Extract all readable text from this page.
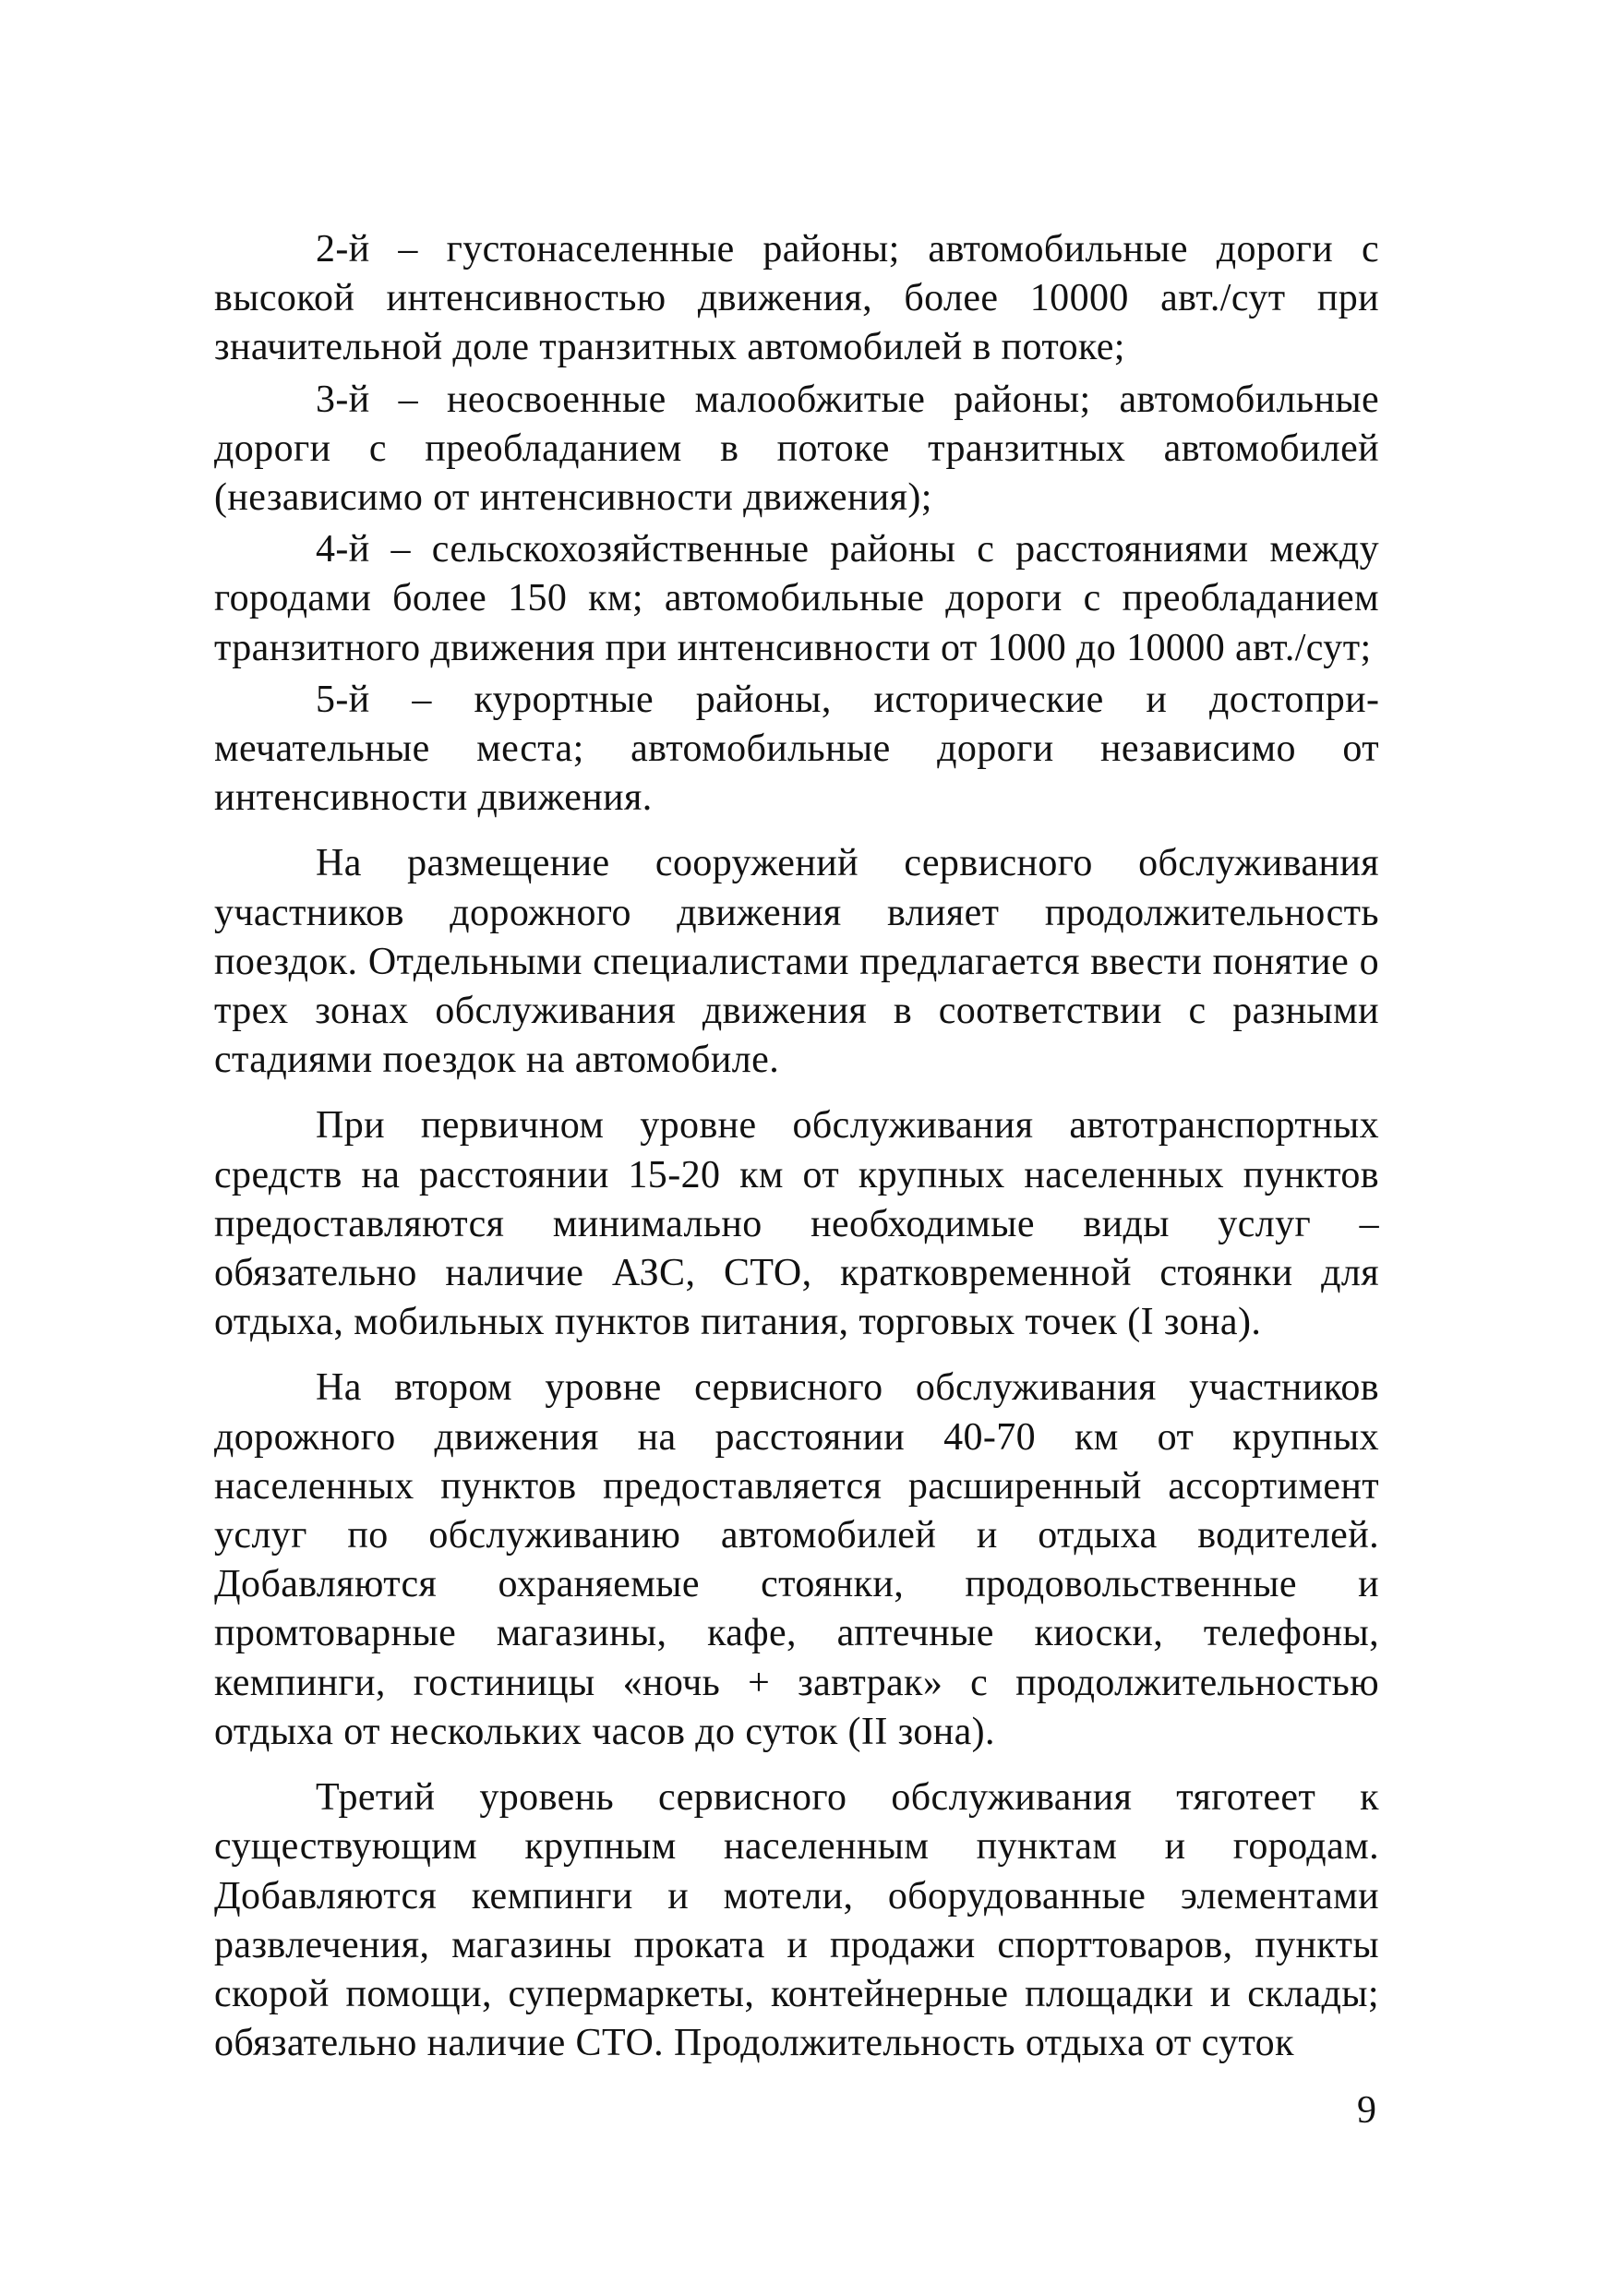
2-й – густонаселенные районы; автомобильные дороги с высокой интенсивностью движения, более 10000 авт./сут при значительной доле транзитных автомобилей в потоке;

3-й – неосвоенные малообжитые районы; автомобильные дороги с преобладанием в потоке транзитных автомобилей (независимо от интенсивности движения);

4-й – сельскохозяйственные районы с расстояниями между городами более 150 км; автомобильные дороги с преобладанием транзитного движения при интенсивности от 1000 до 10000 авт./сут;

5-й – курортные районы, исторические и достопримечательные места; автомобильные дороги независимо от интенсивности движения.

На размещение сооружений сервисного обслуживания участников дорожного движения влияет продолжительность поездок. Отдельными специалистами предлагается ввести понятие о трех зонах обслуживания движения в соответствии с разными стадиями поездок на автомобиле.

При первичном уровне обслуживания автотранспортных средств на расстоянии 15-20 км от крупных населенных пунктов предоставляются минимально необходимые виды услуг – обязательно наличие АЗС, СТО, кратковременной стоянки для отдыха, мобильных пунктов питания, торговых точек (I зона).

На втором уровне сервисного обслуживания участников дорожного движения на расстоянии 40-70 км от крупных населенных пунктов предоставляется расширенный ассортимент услуг по обслуживанию автомобилей и отдыха водителей. Добавляются охраняемые стоянки, продовольственные и промтоварные магазины, кафе, аптечные киоски, телефоны, кемпинги, гостиницы «ночь + завтрак» с продолжительностью отдыха от нескольких часов до суток (II зона).

Третий уровень сервисного обслуживания тяготеет к существующим крупным населенным пунктам и городам. Добавляются кемпинги и мотели, оборудованные элементами развлечения, магазины проката и продажи спорттоваров, пункты скорой помощи, супермаркеты, контейнерные площадки и склады; обязательно наличие СТО. Продолжительность отдыха от суток

9
